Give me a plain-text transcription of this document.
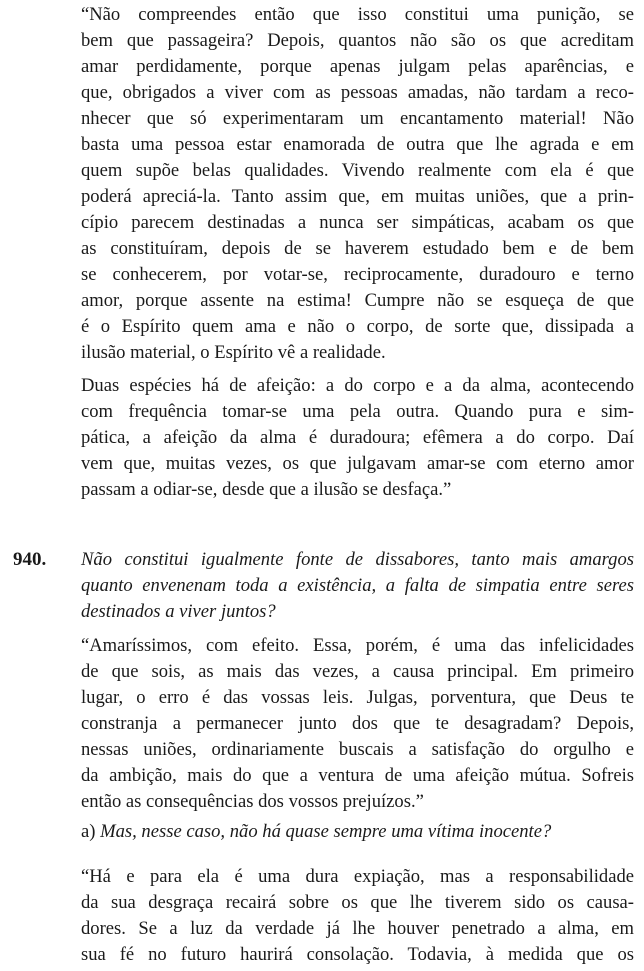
“Não compreendes então que isso constitui uma punição, se
bem que passageira? Depois, quantos não são os que acreditam
amar perdidamente, porque apenas julgam pelas aparências, e
que, obrigados a viver com as pessoas amadas, não tardam a reco-
nhecer que só experimentaram um encantamento material! Não
basta uma pessoa estar enamorada de outra que lhe agrada e em
quem supõe belas qualidades. Vivendo realmente com ela é que
poderá apreciá-la. Tanto assim que, em muitas uniões, que a prin-
cípio parecem destinadas a nunca ser simpáticas, acabam os que
as constituíram, depois de se haverem estudado bem e de bem
se conhecerem, por votar-se, reciprocamente, duradouro e terno
amor, porque assente na estima! Cumpre não se esqueça de que
é o Espírito quem ama e não o corpo, de sorte que, dissipada a
ilusão material, o Espírito vê a realidade.
Duas espécies há de afeição: a do corpo e a da alma, acontecendo
com frequência tomar-se uma pela outra. Quando pura e sim-
pática, a afeição da alma é duradoura; efêmera a do corpo. Daí
vem que, muitas vezes, os que julgavam amar-se com eterno amor
passam a odiar-se, desde que a ilusão se desfaça.”
940. Não constitui igualmente fonte de dissabores, tanto mais amargos
quanto envenenam toda a existência, a falta de simpatia entre seres
destinados a viver juntos?
“Amaríssimos, com efeito. Essa, porém, é uma das infelicidades
de que sois, as mais das vezes, a causa principal. Em primeiro
lugar, o erro é das vossas leis. Julgas, porventura, que Deus te
constranja a permanecer junto dos que te desagradam? Depois,
nessas uniões, ordinariamente buscais a satisfação do orgulho e
da ambição, mais do que a ventura de uma afeição mútua. Sofreis
então as consequências dos vossos prejuízos.”
a) Mas, nesse caso, não há quase sempre uma vítima inocente?
“Há e para ela é uma dura expiação, mas a responsabilidade
da sua desgraça recairá sobre os que lhe tiverem sido os causa-
dores. Se a luz da verdade já lhe houver penetrado a alma, em
sua fé no futuro haurirá consolação. Todavia, à medida que os
